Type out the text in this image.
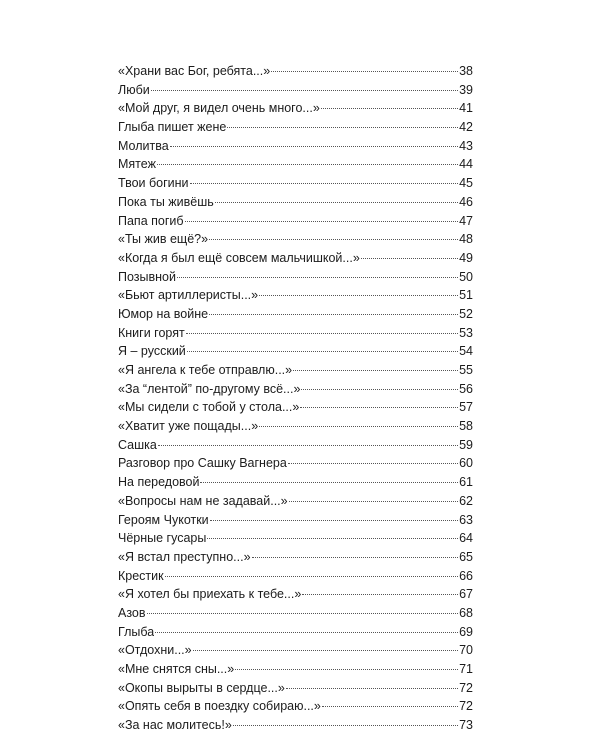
«Храни вас Бог, ребята...»	38
Люби	39
«Мой друг, я видел очень много...»	41
Глыба пишет жене	42
Молитва	43
Мятеж	44
Твои богини	45
Пока ты живёшь	46
Папа погиб	47
«Ты жив ещё?»	48
«Когда я был ещё совсем мальчишкой...»	49
Позывной	50
«Бьют артиллеристы...»	51
Юмор на войне	52
Книги горят	53
Я – русский	54
«Я ангела к тебе отправлю...»	55
«За “лентой” по-другому всё...»	56
«Мы сидели с тобой у стола...»	57
«Хватит уже пощады...»	58
Сашка	59
Разговор про Сашку Вагнера	60
На передовой	61
«Вопросы нам не задавай...»	62
Героям Чукотки	63
Чёрные гусары	64
«Я встал преступно...»	65
Крестик	66
«Я хотел бы приехать к тебе...»	67
Азов	68
Глыба	69
«Отдохни...»	70
«Мне снятся сны...»	71
«Окопы вырыты в сердце...»	72
«Опять себя в поездку собираю...»	72
«За нас молитесь!»	73
